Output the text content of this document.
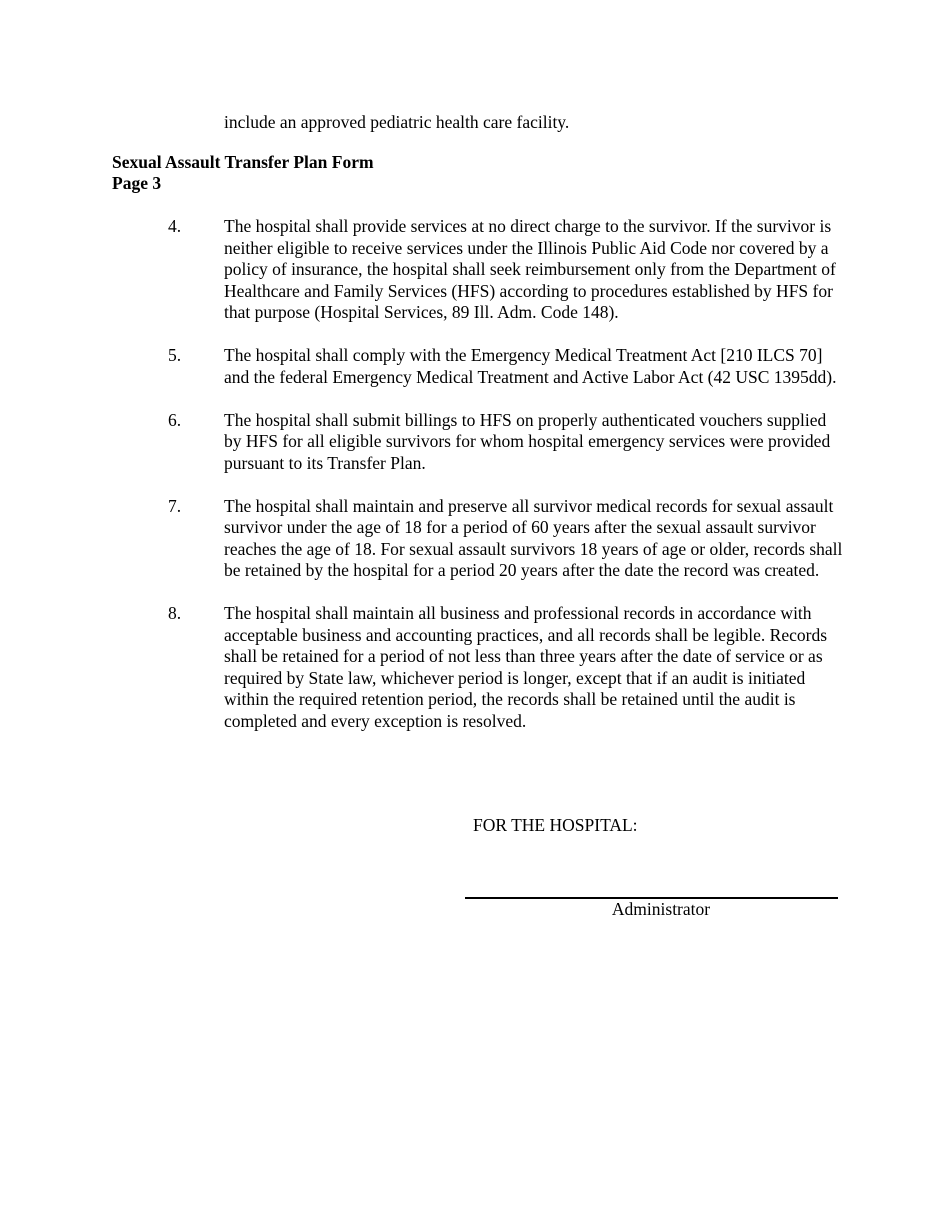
include an approved pediatric health care facility.
Sexual Assault Transfer Plan Form
Page 3
4.	The hospital shall provide services at no direct charge to the survivor. If the survivor is neither eligible to receive services under the Illinois Public Aid Code nor covered by a policy of insurance, the hospital shall seek reimbursement only from the Department of Healthcare and Family Services (HFS) according to procedures established by HFS for that purpose (Hospital Services, 89 Ill. Adm. Code 148).
5.	The hospital shall comply with the Emergency Medical Treatment Act [210 ILCS 70] and the federal Emergency Medical Treatment and Active Labor Act (42 USC 1395dd).
6.	The hospital shall submit billings to HFS on properly authenticated vouchers supplied by HFS for all eligible survivors for whom hospital emergency services were provided pursuant to its Transfer Plan.
7.	The hospital shall maintain and preserve all survivor medical records for sexual assault survivor under the age of 18 for a period of 60 years after the sexual assault survivor reaches the age of 18. For sexual assault survivors 18 years of age or older, records shall be retained by the hospital for a period 20 years after the date the record was created.
8.	The hospital shall maintain all business and professional records in accordance with acceptable business and accounting practices, and all records shall be legible. Records shall be retained for a period of not less than three years after the date of service or as required by State law, whichever period is longer, except that if an audit is initiated within the required retention period, the records shall be retained until the audit is completed and every exception is resolved.
FOR THE HOSPITAL:
Administrator
